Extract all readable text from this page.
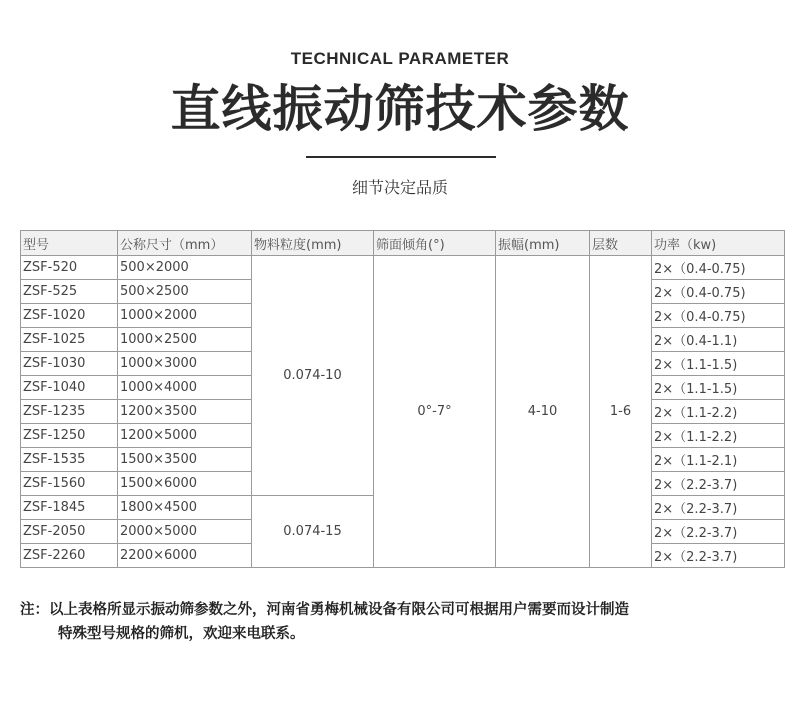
TECHNICAL PARAMETER
直线振动筛技术参数
细节决定品质
型号	公称尺寸（mm）	物料粒度(mm)	筛面倾角(°)	振幅(mm)	层数	功率（kw)
ZSF-520	500×2000	0.074-10	0°-7°	4-10	1-6	2×（0.4-0.75)
ZSF-525	500×2500					2×（0.4-0.75)
ZSF-1020	1000×2000					2×（0.4-0.75)
ZSF-1025	1000×2500					2×（0.4-1.1)
ZSF-1030	1000×3000					2×（1.1-1.5)
ZSF-1040	1000×4000					2×（1.1-1.5)
ZSF-1235	1200×3500					2×（1.1-2.2)
ZSF-1250	1200×5000					2×（1.1-2.2)
ZSF-1535	1500×3500					2×（1.1-2.1)
ZSF-1560	1500×6000					2×（2.2-3.7)
ZSF-1845	1800×4500	0.074-15				2×（2.2-3.7)
ZSF-2050	2000×5000					2×（2.2-3.7)
ZSF-2260	2200×6000					2×（2.2-3.7)
注：以上表格所显示振动筛参数之外，河南省勇梅机械设备有限公司可根据用户需要而设计制造
特殊型号规格的筛机，欢迎来电联系。
